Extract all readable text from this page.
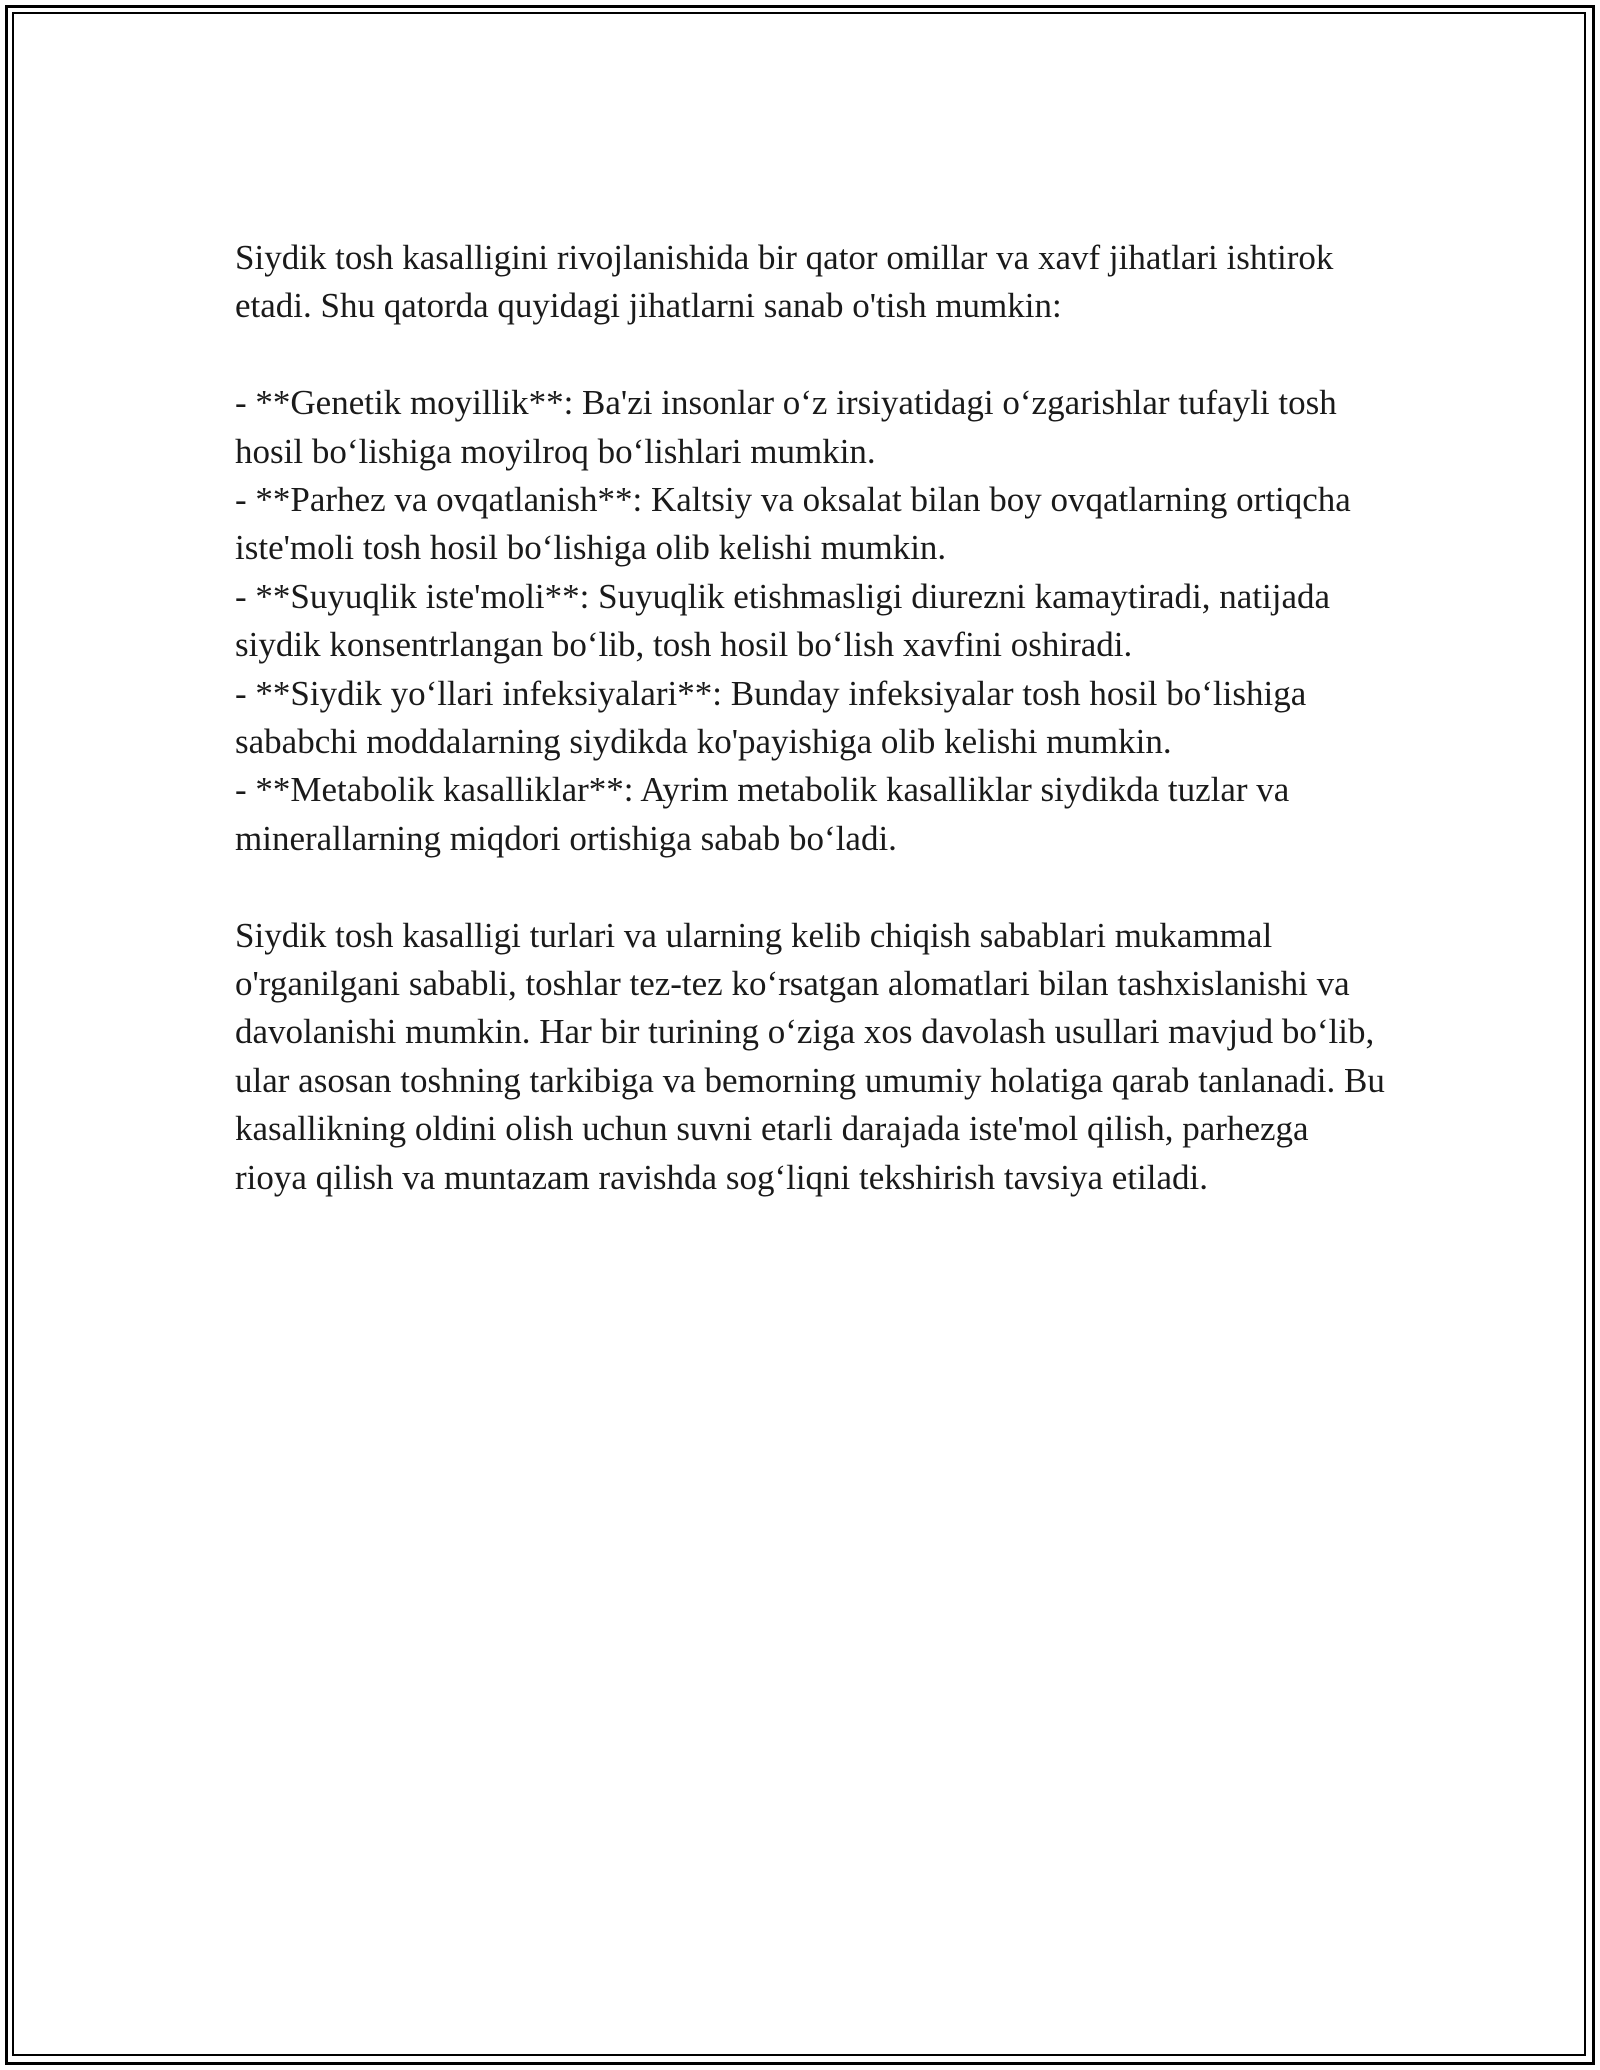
Siydik tosh kasalligini rivojlanishida bir qator omillar va xavf jihatlari ishtirok etadi. Shu qatorda quyidagi jihatlarni sanab o'tish mumkin:

- **Genetik moyillik**: Ba'zi insonlar o‘z irsiyatidagi o‘zgarishlar tufayli tosh hosil bo‘lishiga moyilroq bo‘lishlari mumkin.
- **Parhez va ovqatlanish**: Kaltsiy va oksalat bilan boy ovqatlarning ortiqcha iste'moli tosh hosil bo‘lishiga olib kelishi mumkin.
- **Suyuqlik iste'moli**: Suyuqlik etishmasligi diurezni kamaytiradi, natijada siydik konsentrlangan bo‘lib, tosh hosil bo‘lish xavfini oshiradi.
- **Siydik yo‘llari infeksiyalari**: Bunday infeksiyalar tosh hosil bo‘lishiga sababchi moddalarning siydikda ko'payishiga olib kelishi mumkin.
- **Metabolik kasalliklar**: Ayrim metabolik kasalliklar siydikda tuzlar va minerallarning miqdori ortishiga sabab bo‘ladi.

Siydik tosh kasalligi turlari va ularning kelib chiqish sabablari mukammal o'rganilgani sababli, toshlar tez-tez ko‘rsatgan alomatlari bilan tashxislanishi va davolanishi mumkin. Har bir turining o‘ziga xos davolash usullari mavjud bo‘lib, ular asosan toshning tarkibiga va bemorning umumiy holatiga qarab tanlanadi. Bu kasallikning oldini olish uchun suvni etarli darajada iste'mol qilish, parhezga rioya qilish va muntazam ravishda sog‘liqni tekshirish tavsiya etiladi.
